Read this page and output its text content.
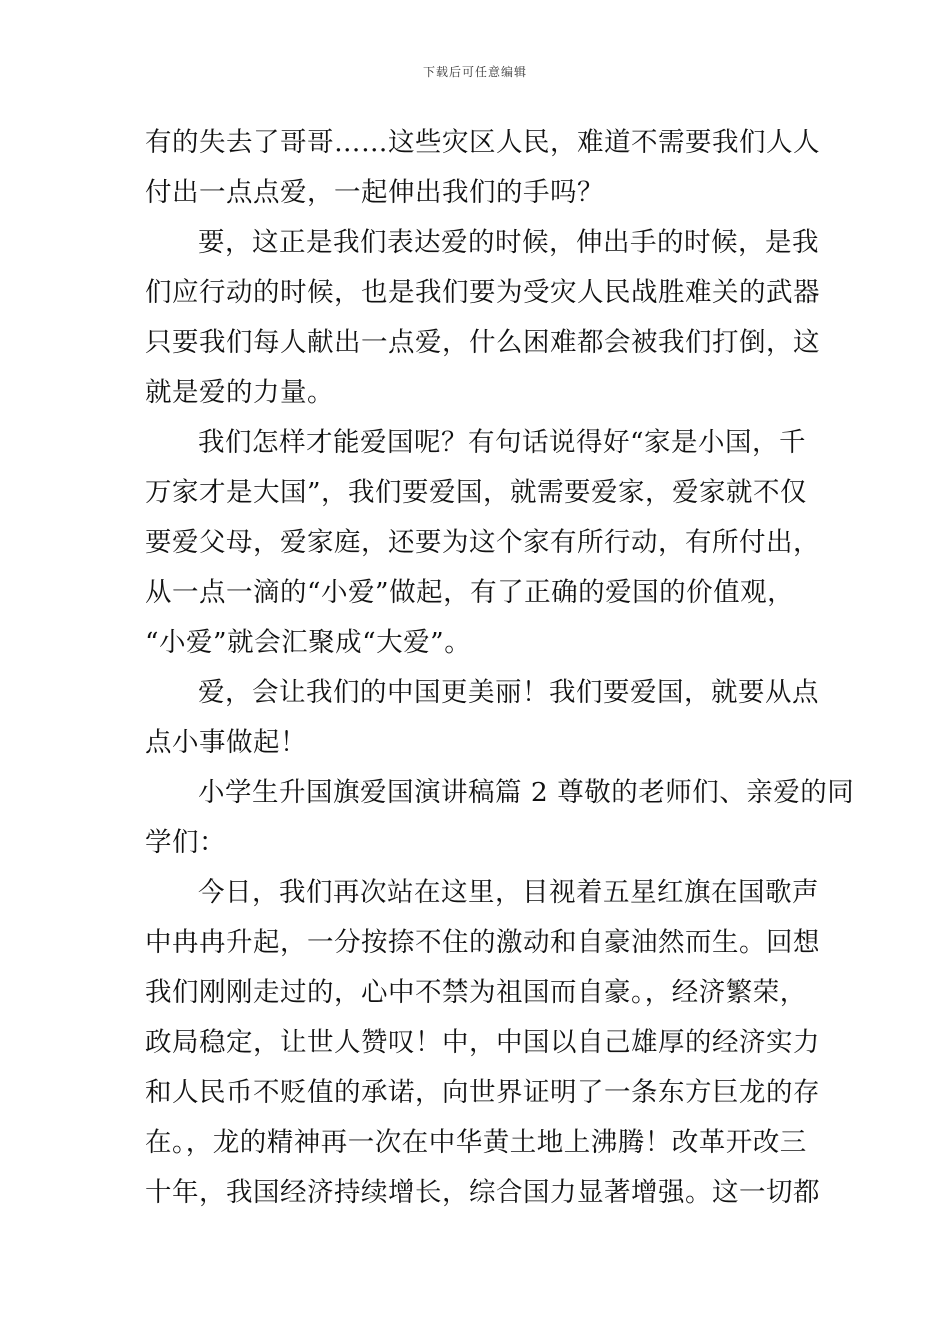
下载后可任意编辑
有的失去了哥哥……这些灾区人民，难道不需要我们人人
付出一点点爱，一起伸出我们的手吗？
要，这正是我们表达爱的时候，伸出手的时候，是我
们应行动的时候，也是我们要为受灾人民战胜难关的武器
只要我们每人献出一点爱，什么困难都会被我们打倒，这
就是爱的力量。
我们怎样才能爱国呢？有句话说得好“家是小国，千
万家才是大国”，我们要爱国，就需要爱家，爱家就不仅
要爱父母，爱家庭，还要为这个家有所行动，有所付出，
从一点一滴的“小爱”做起，有了正确的爱国的价值观，
“小爱”就会汇聚成“大爱”。
爱，会让我们的中国更美丽！我们要爱国，就要从点
点小事做起！
小学生升国旗爱国演讲稿篇 2 尊敬的老师们、亲爱的同
学们：
今日，我们再次站在这里，目视着五星红旗在国歌声
中冉冉升起，一分按捺不住的激动和自豪油然而生。回想
我们刚刚走过的，心中不禁为祖国而自豪。，经济繁荣，
政局稳定，让世人赞叹！中，中国以自己雄厚的经济实力
和人民币不贬值的承诺，向世界证明了一条东方巨龙的存
在。，龙的精神再一次在中华黄土地上沸腾！改革开改三
十年，我国经济持续增长，综合国力显著增强。这一切都
